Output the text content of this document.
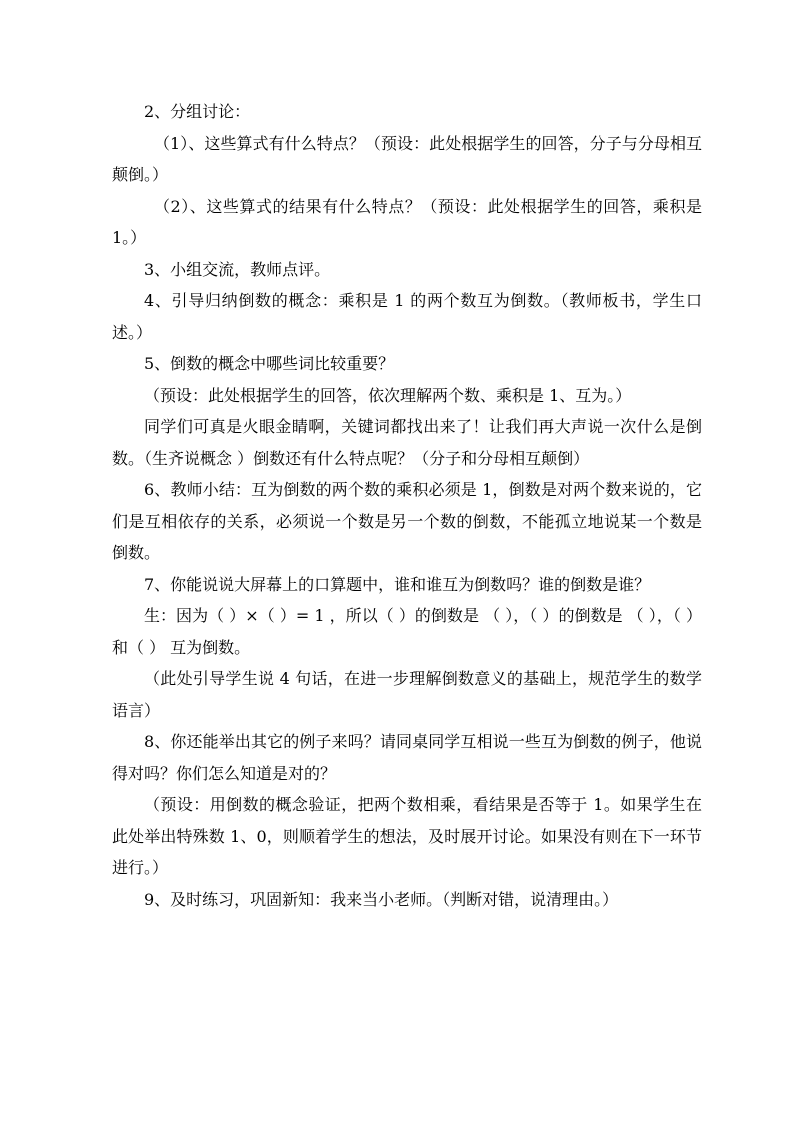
2、分组讨论：

（1）、这些算式有什么特点？（预设：此处根据学生的回答，分子与分母相互颠倒。）

（2）、这些算式的结果有什么特点？（预设：此处根据学生的回答，乘积是 1。）

3、小组交流，教师点评。

4、引导归纳倒数的概念：乘积是 1 的两个数互为倒数。（教师板书，学生口述。）

5、倒数的概念中哪些词比较重要？

（预设：此处根据学生的回答，依次理解两个数、乘积是 1、互为。）

同学们可真是火眼金睛啊，关键词都找出来了！让我们再大声说一次什么是倒数。（生齐说概念 ）倒数还有什么特点呢？（分子和分母相互颠倒）

6、教师小结：互为倒数的两个数的乘积必须是 1，倒数是对两个数来说的，它们是互相依存的关系，必须说一个数是另一个数的倒数，不能孤立地说某一个数是倒数。

7、你能说说大屏幕上的口算题中，谁和谁互为倒数吗？谁的倒数是谁？

生：因为（ ）×（ ）= 1 ，所以（ ）的倒数是 （ ），（ ）的倒数是 （ ），（ ） 和（ ） 互为倒数。

（此处引导学生说 4 句话，在进一步理解倒数意义的基础上，规范学生的数学语言）

8、你还能举出其它的例子来吗？请同桌同学互相说一些互为倒数的例子，他说得对吗？你们怎么知道是对的？

（预设：用倒数的概念验证，把两个数相乘，看结果是否等于 1。如果学生在此处举出特殊数 1、0，则顺着学生的想法，及时展开讨论。如果没有则在下一环节进行。）

9、及时练习，巩固新知：我来当小老师。（判断对错，说清理由。）
